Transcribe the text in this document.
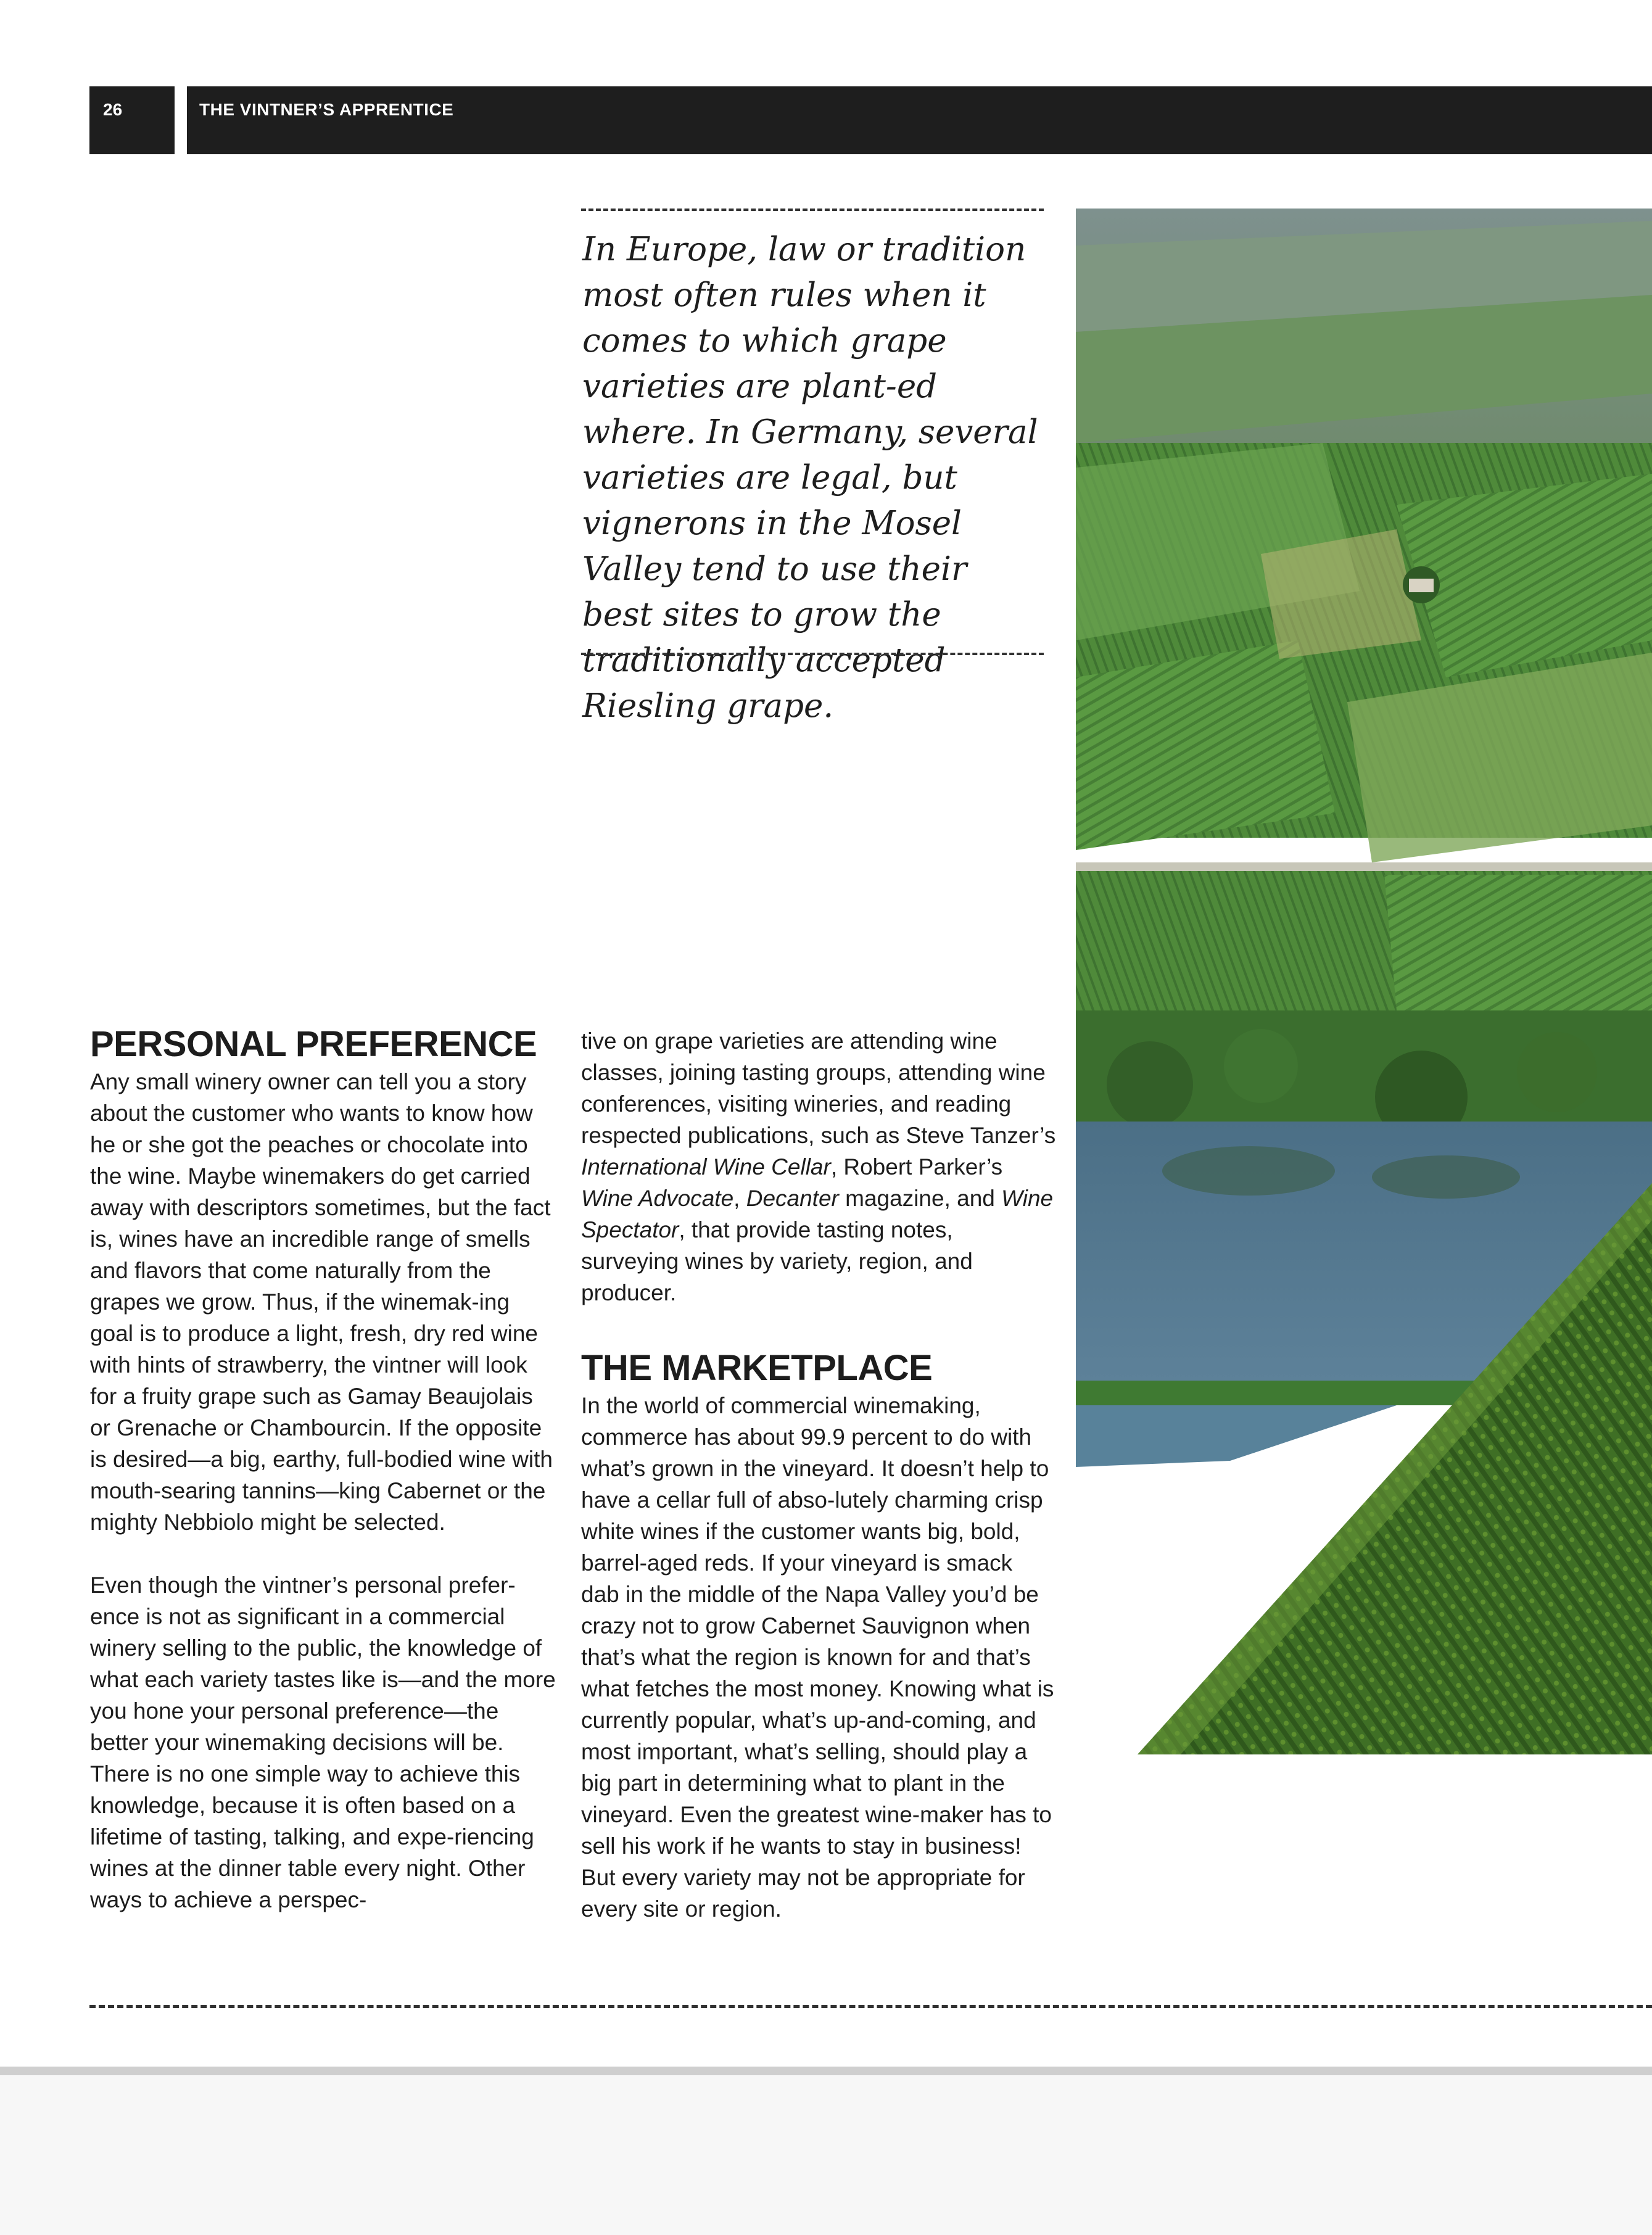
26	THE VINTNER’S APPRENTICE

In Europe, law or tradition most often rules when it comes to which grape varieties are plant-ed where. In Germany, several varieties are legal, but vignerons in the Mosel Valley tend to use their best sites to grow the traditionally accepted Riesling grape.

PERSONAL PREFERENCE

Any small winery owner can tell you a story about the customer who wants to know how he or she got the peaches or chocolate into the wine. Maybe winemakers do get carried away with descriptors sometimes, but the fact is, wines have an incredible range of smells and flavors that come naturally from the grapes we grow. Thus, if the winemak-ing goal is to produce a light, fresh, dry red wine with hints of strawberry, the vintner will look for a fruity grape such as Gamay Beaujolais or Grenache or Chambourcin. If the opposite is desired—a big, earthy, full-bodied wine with mouth-searing tannins—king Cabernet or the mighty Nebbiolo might be selected.

Even though the vintner’s personal prefer-ence is not as significant in a commercial winery selling to the public, the knowledge of what each variety tastes like is—and the more you hone your personal preference—the better your winemaking decisions will be. There is no one simple way to achieve this knowledge, because it is often based on a lifetime of tasting, talking, and expe-riencing wines at the dinner table every night. Other ways to achieve a perspec-

tive on grape varieties are attending wine classes, joining tasting groups, attending wine conferences, visiting wineries, and reading respected publications, such as Steve Tanzer’s International Wine Cellar, Robert Parker’s Wine Advocate, Decanter magazine, and Wine Spectator, that provide tasting notes, surveying wines by variety, region, and producer.

THE MARKETPLACE

In the world of commercial winemaking, commerce has about 99.9 percent to do with what’s grown in the vineyard. It doesn’t help to have a cellar full of abso-lutely charming crisp white wines if the customer wants big, bold, barrel-aged reds. If your vineyard is smack dab in the middle of the Napa Valley you’d be crazy not to grow Cabernet Sauvignon when that’s what the region is known for and that’s what fetches the most money. Knowing what is currently popular, what’s up-and-coming, and most important, what’s selling, should play a big part in determining what to plant in the vineyard. Even the greatest wine-maker has to sell his work if he wants to stay in business! But every variety may not be appropriate for every site or region.
